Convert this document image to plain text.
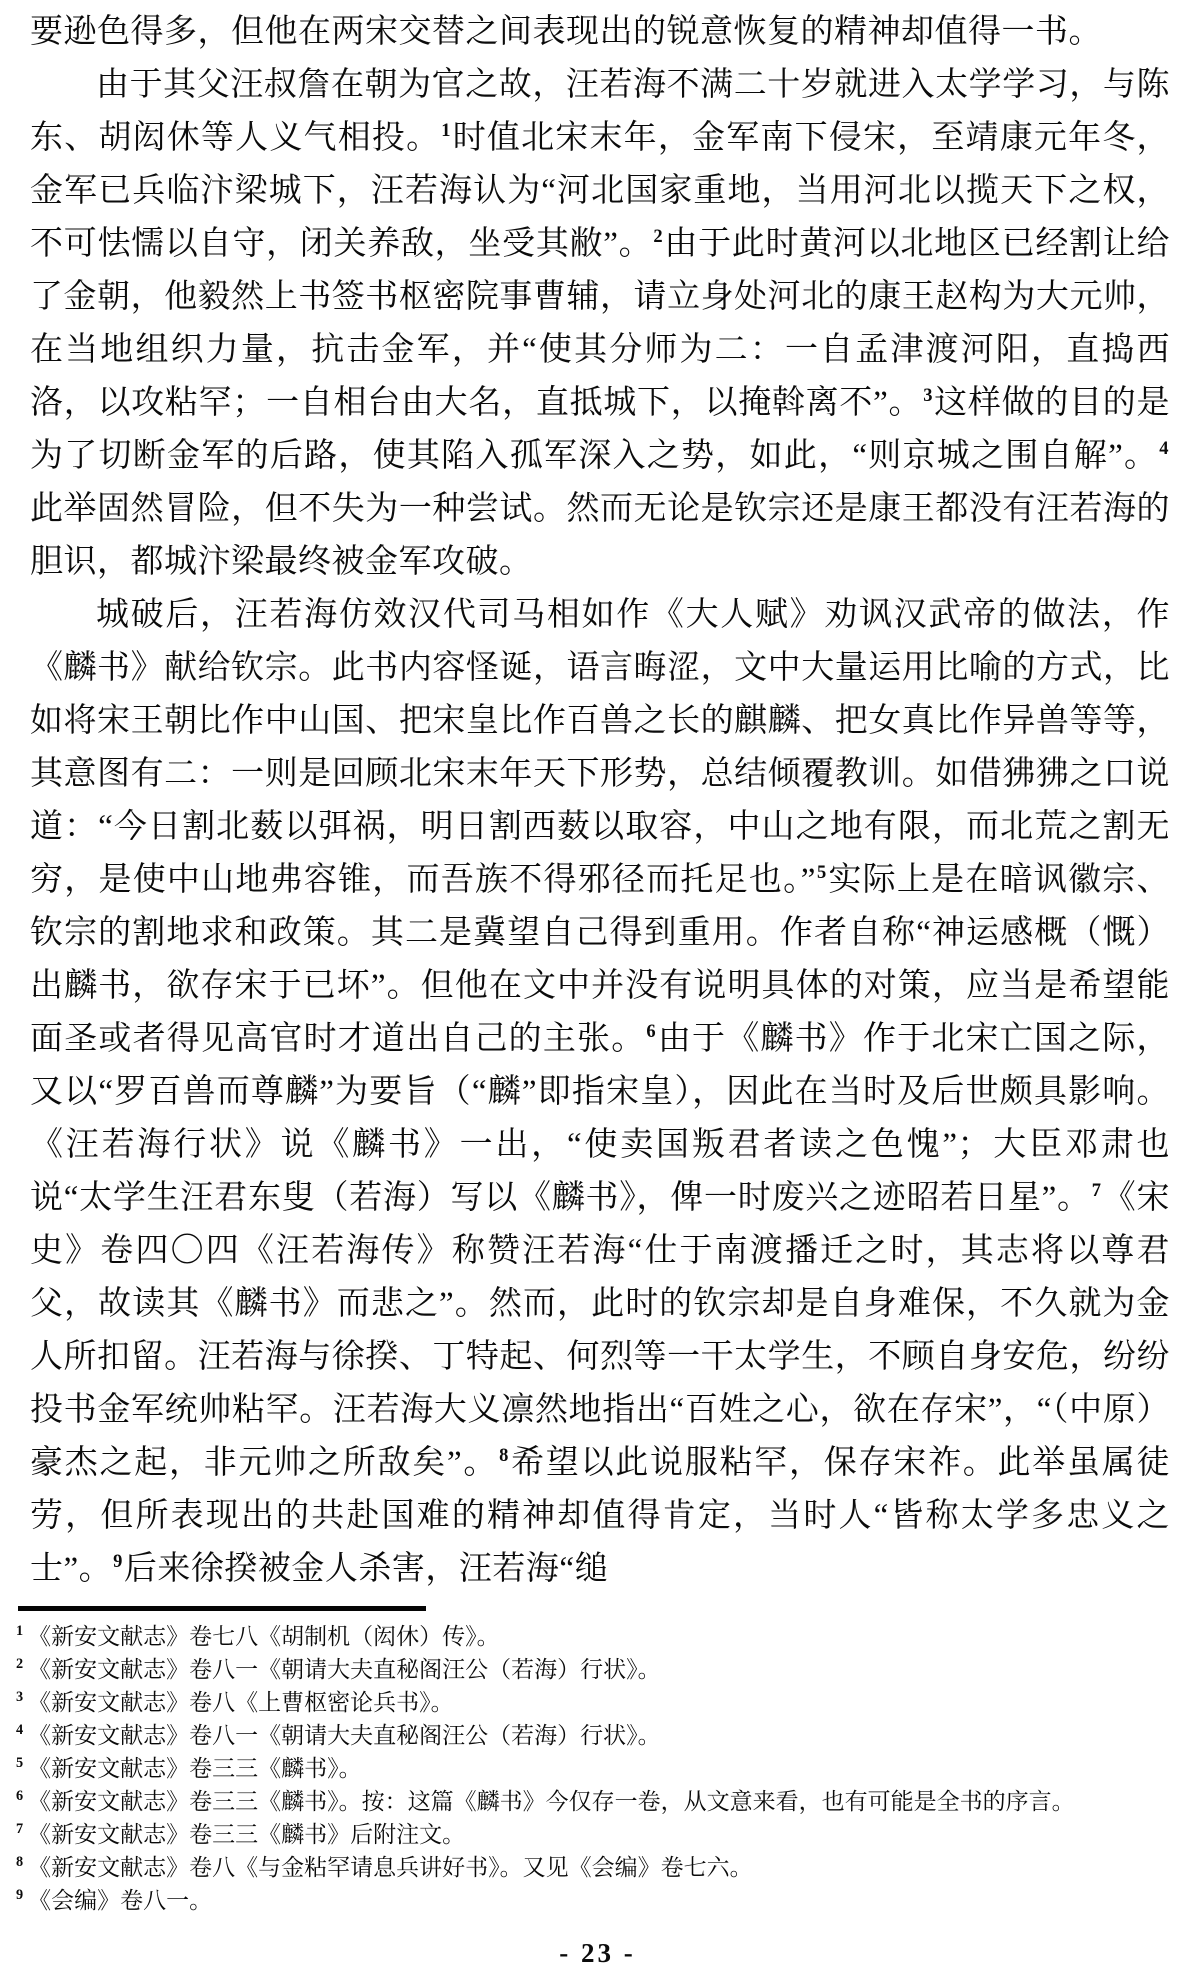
要逊色得多，但他在两宋交替之间表现出的锐意恢复的精神却值得一书。

由于其父汪叔詹在朝为官之故，汪若海不满二十岁就进入太学学习，与陈东、胡闳休等人义气相投。$^1$时值北宋末年，金军南下侵宋，至靖康元年冬，金军已兵临汴梁城下，汪若海认为“河北国家重地，当用河北以揽天下之权，不可怯懦以自守，闭关养敌，坐受其敝”。$^2$由于此时黄河以北地区已经割让给了金朝，他毅然上书签书枢密院事曹辅，请立身处河北的康王赵构为大元帅，在当地组织力量，抗击金军，并“使其分师为二：一自孟津渡河阳，直捣西洛，以攻粘罕；一自相台由大名，直抵城下，以掩斡离不”。$^3$这样做的目的是为了切断金军的后路，使其陷入孤军深入之势，如此，“则京城之围自解”。$^4$此举固然冒险，但不失为一种尝试。然而无论是钦宗还是康王都没有汪若海的胆识，都城汴梁最终被金军攻破。

城破后，汪若海仿效汉代司马相如作《大人赋》劝讽汉武帝的做法，作《麟书》献给钦宗。此书内容怪诞，语言晦涩，文中大量运用比喻的方式，比如将宋王朝比作中山国、把宋皇比作百兽之长的麒麟、把女真比作异兽等等，其意图有二：一则是回顾北宋末年天下形势，总结倾覆教训。如借狒狒之口说道：“今日割北薮以弭祸，明日割西薮以取容，中山之地有限，而北荒之割无穷，是使中山地弗容锥，而吾族不得邪径而托足也。”$^5$实际上是在暗讽徽宗、钦宗的割地求和政策。其二是冀望自己得到重用。作者自称“神运感概（慨）出麟书，欲存宋于已坏”。但他在文中并没有说明具体的对策，应当是希望能面圣或者得见高官时才道出自己的主张。$^6$由于《麟书》作于北宋亡国之际，又以“罗百兽而尊麟”为要旨（“麟”即指宋皇），因此在当时及后世颇具影响。《汪若海行状》说《麟书》一出，“使卖国叛君者读之色愧”；大臣邓肃也说“太学生汪君东叟（若海）写以《麟书》，俾一时废兴之迹昭若日星”。$^7$《宋史》卷四〇四《汪若海传》称赞汪若海“仕于南渡播迁之时，其志将以尊君父，故读其《麟书》而悲之”。然而，此时的钦宗却是自身难保，不久就为金人所扣留。汪若海与徐揆、丁特起、何烈等一干太学生，不顾自身安危，纷纷投书金军统帅粘罕。汪若海大义凛然地指出“百姓之心，欲在存宋”，“（中原）豪杰之起，非元帅之所敌矣”。$^8$希望以此说服粘罕，保存宋祚。此举虽属徒劳，但所表现出的共赴国难的精神却值得肯定，当时人“皆称太学多忠义之士”。$^9$后来徐揆被金人杀害，汪若海“缒

$^1$ 《新安文献志》卷七八《胡制机（闳休）传》。
$^2$ 《新安文献志》卷八一《朝请大夫直秘阁汪公（若海）行状》。
$^3$ 《新安文献志》卷八《上曹枢密论兵书》。
$^4$ 《新安文献志》卷八一《朝请大夫直秘阁汪公（若海）行状》。
$^5$ 《新安文献志》卷三三《麟书》。
$^6$ 《新安文献志》卷三三《麟书》。按：这篇《麟书》今仅存一卷，从文意来看，也有可能是全书的序言。
$^7$ 《新安文献志》卷三三《麟书》后附注文。
$^8$ 《新安文献志》卷八《与金粘罕请息兵讲好书》。又见《会编》卷七六。
$^9$ 《会编》卷八一。
- 23 -
